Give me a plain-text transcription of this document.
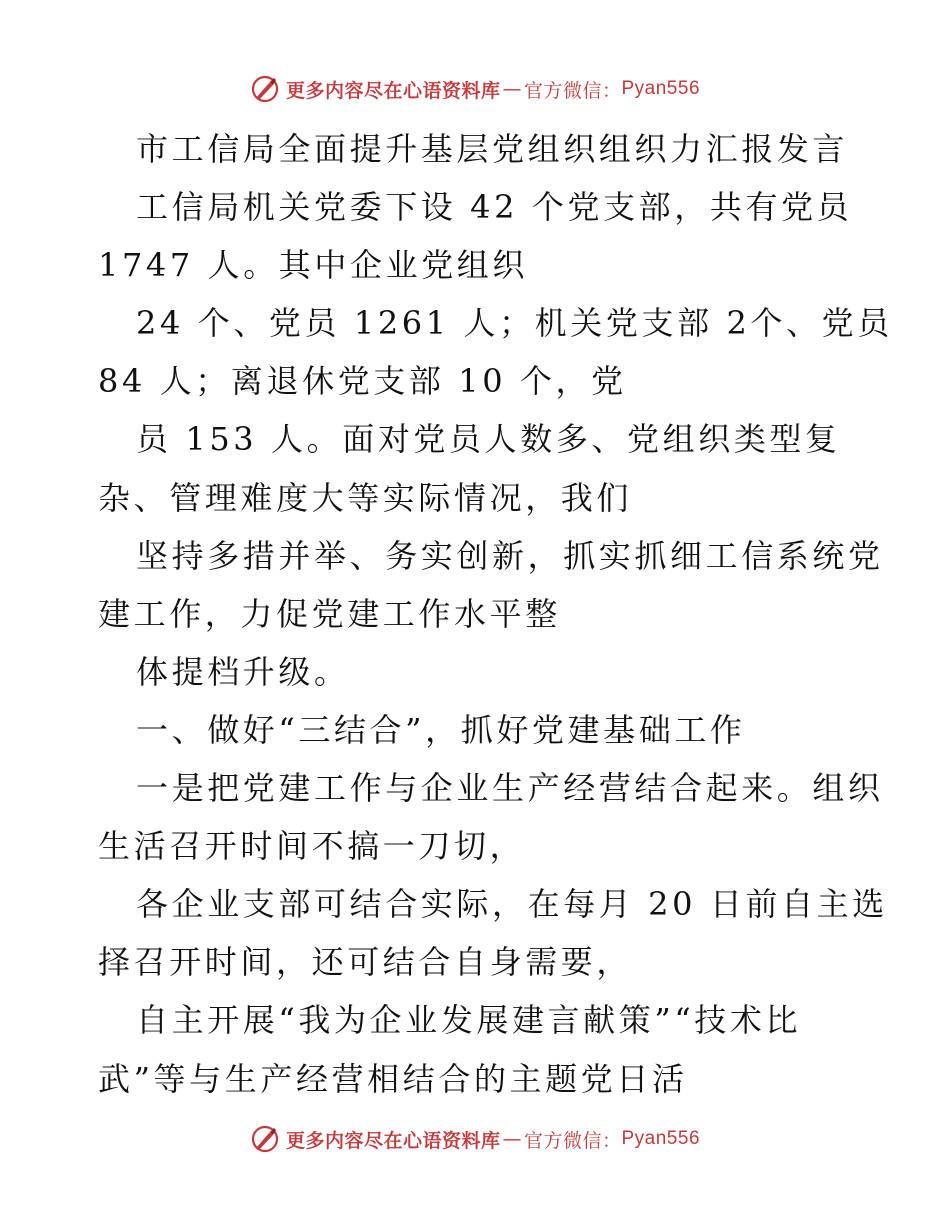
更多内容尽在心语资料库 — 官方微信： Pyan556
市工信局全面提升基层党组织组织力汇报发言
工信局机关党委下设 42 个党支部，共有党员
1747 人。其中企业党组织
24 个、党员 1261 人；机关党支部 2个、党员
84 人；离退休党支部 10 个，党
员 153 人。面对党员人数多、党组织类型复
杂、管理难度大等实际情况，我们
坚持多措并举、务实创新，抓实抓细工信系统党
建工作，力促党建工作水平整
体提档升级。
一、做好“三结合”，抓好党建基础工作
一是把党建工作与企业生产经营结合起来。组织
生活召开时间不搞一刀切，
各企业支部可结合实际，在每月 20 日前自主选
择召开时间，还可结合自身需要，
自主开展“我为企业发展建言献策”“技术比
武”等与生产经营相结合的主题党日活
更多内容尽在心语资料库 — 官方微信： Pyan556
